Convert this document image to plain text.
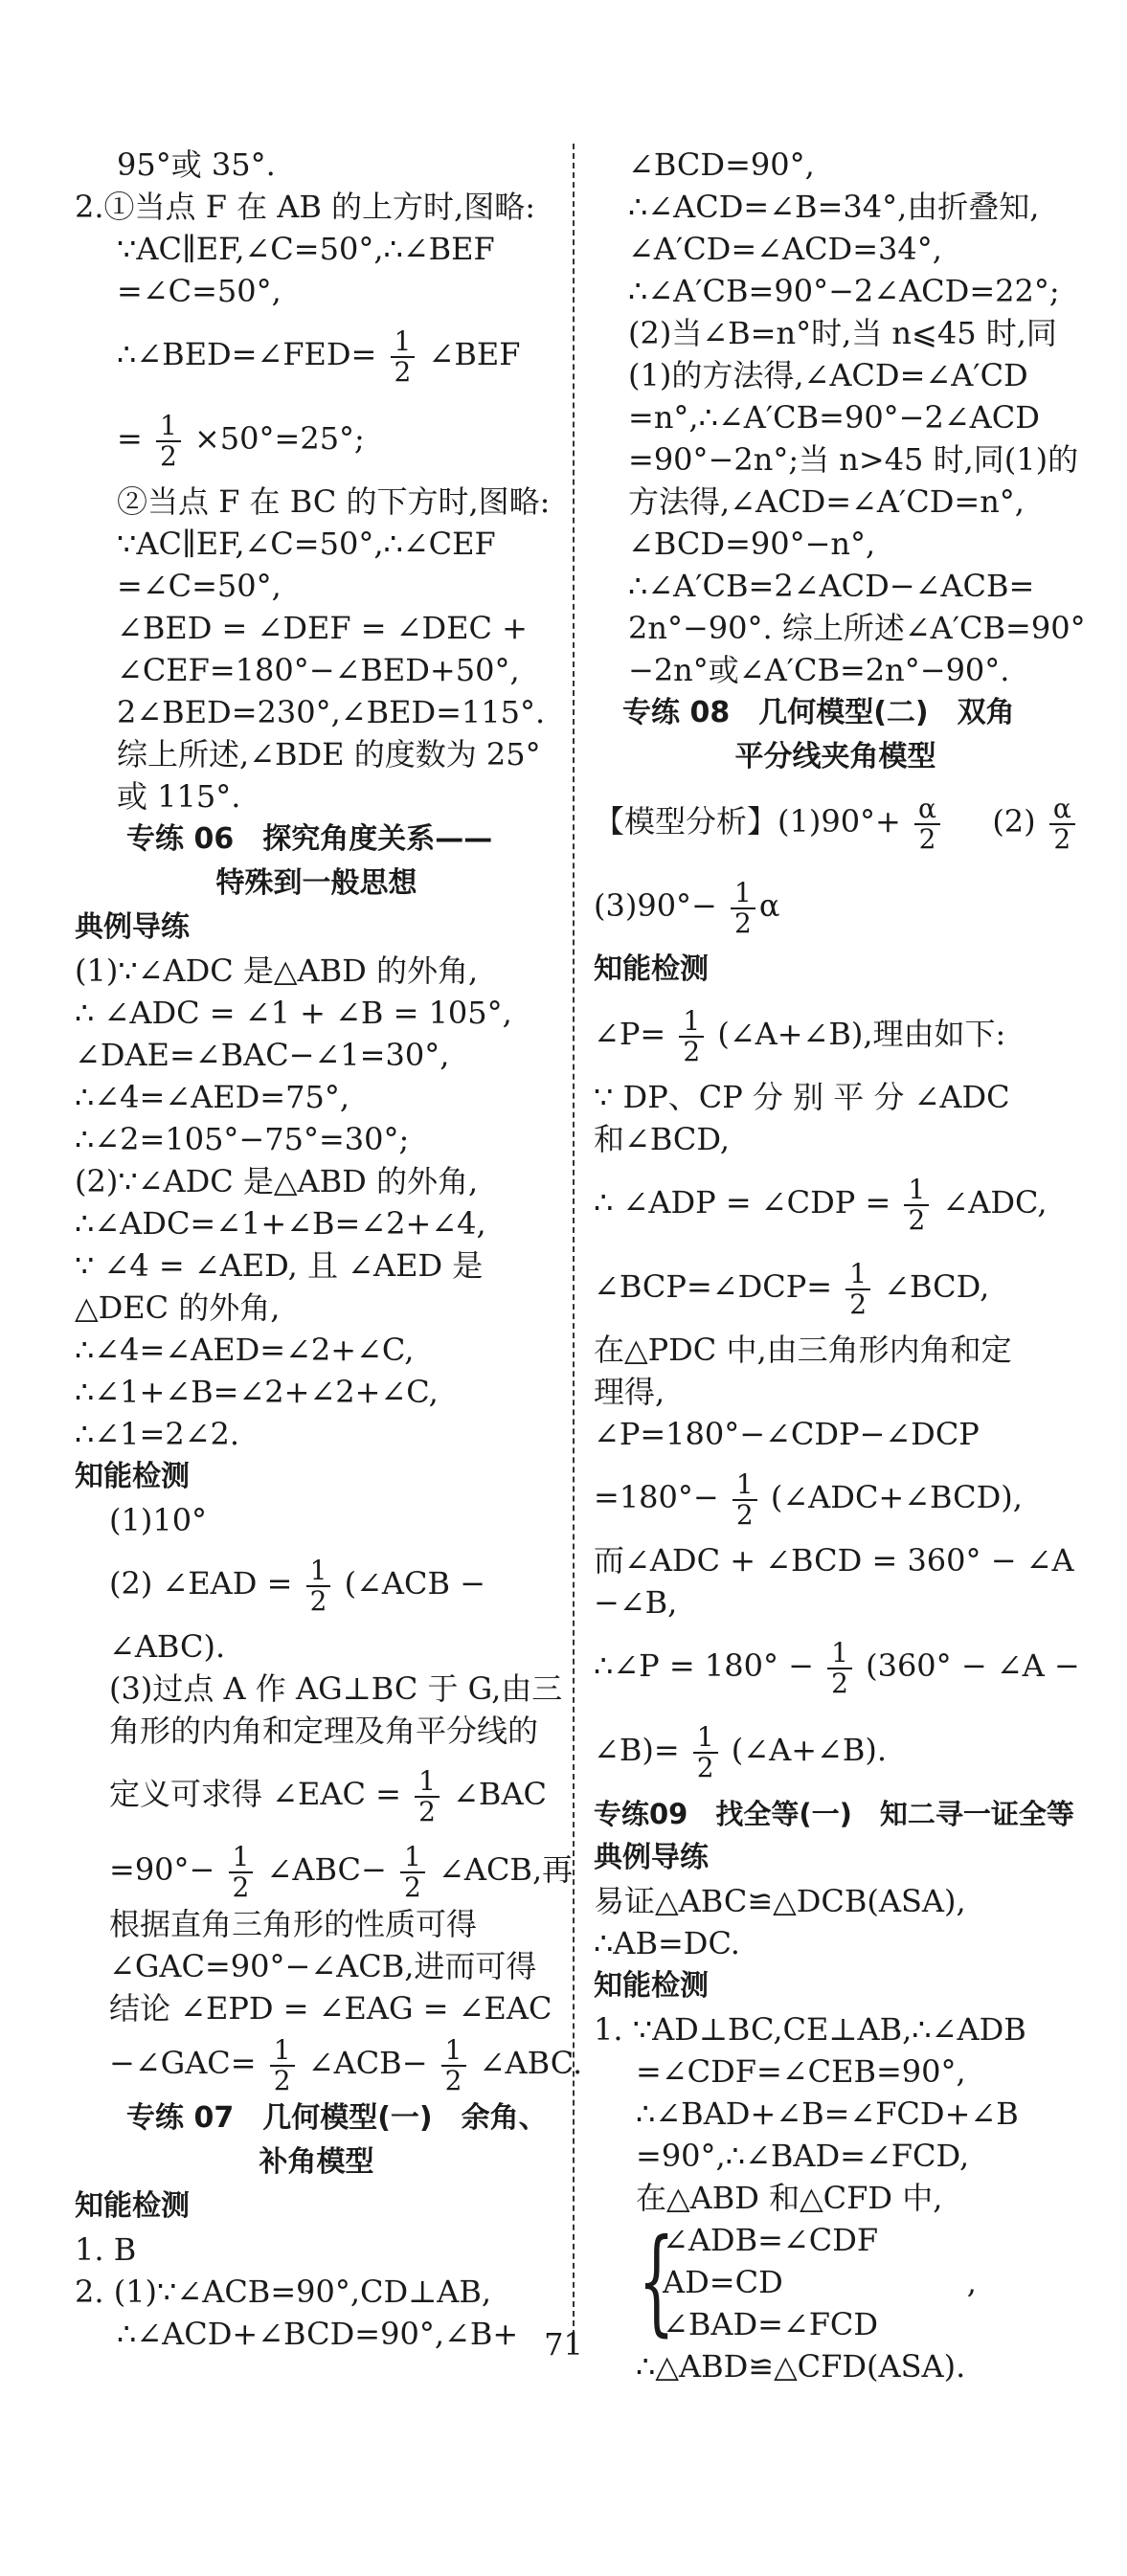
95°或 35°.
2.①当点 F 在 AB 的上方时,图略:
∵AC∥EF,∠C=50°,∴∠BEF
=∠C=50°,
∴∠BED=∠FED= $\frac{1}{2}$ ∠BEF
= $\frac{1}{2} \times 50^\circ=25^\circ$;
②当点 F 在 BC 的下方时,图略:
∵AC∥EF,∠C=50°,∴∠CEF
=∠C=50°,
∠BED = ∠DEF = ∠DEC +
∠CEF=180°−∠BED+50°,
2∠BED=230°,∠BED=115°.
综上所述,∠BDE 的度数为 25°
或 115°.
专练 06　探究角度关系——
特殊到一般思想
典例导练
(1)∵∠ADC 是△ABD 的外角,
∴ ∠ADC = ∠1 + ∠B = 105°,
∠DAE=∠BAC−∠1=30°,
∴∠4=∠AED=75°,
∴∠2=105°−75°=30°;
(2)∵∠ADC 是△ABD 的外角,
∴∠ADC=∠1+∠B=∠2+∠4,
∵ ∠4 = ∠AED, 且 ∠AED 是
△DEC 的外角,
∴∠4=∠AED=∠2+∠C,
∴∠1+∠B=∠2+∠2+∠C,
∴∠1=2∠2.
知能检测
(1)10°
(2) ∠EAD = $\frac{1}{2}$ (∠ACB −
∠ABC).
(3)过点 A 作 AG⊥BC 于 G,由三
角形的内角和定理及角平分线的
定义可求得 ∠EAC = $\frac{1}{2}$ ∠BAC
$=90^\circ- \frac{1}{2}$ ∠ABC− $\frac{1}{2}$ ∠ACB,再
根据直角三角形的性质可得
∠GAC=90°−∠ACB,进而可得
结论 ∠EPD = ∠EAG = ∠EAC
−∠GAC= $\frac{1}{2}$ ∠ACB− $\frac{1}{2}$ ∠ABC.
专练 07　几何模型(一)　余角、
补角模型
知能检测
1. B
2. (1)∵∠ACB=90°,CD⊥AB,
∴∠ACD+∠BCD=90°,∠B+
∠BCD=90°,
∴∠ACD=∠B=34°,由折叠知,
∠A′CD=∠ACD=34°,
∴∠A′CB=90°−2∠ACD=22°;
(2)当∠B=n°时,当 n⩽45 时,同
(1)的方法得,∠ACD=∠A′CD
=n°,∴∠A′CB=90°−2∠ACD
=90°−2n°;当 n>45 时,同(1)的
方法得,∠ACD=∠A′CD=n°,
∠BCD=90°−n°,
∴∠A′CB=2∠ACD−∠ACB=
2n°−90°. 综上所述∠A′CB=90°
−2n°或∠A′CB=2n°−90°.
专练 08　几何模型(二)　双角
平分线夹角模型
【模型分析】$(1)90^\circ+ \frac{\alpha}{2} (2) \frac{\alpha}{2}$
$(3)90^\circ- \frac{1}{2}$ α
知能检测
∠P= $\frac{1}{2}$ (∠A+∠B),理由如下:
∵ DP、CP 分 别 平 分 ∠ADC
和∠BCD,
∴ ∠ADP = ∠CDP = $\frac{1}{2}$ ∠ADC,
∠BCP=∠DCP= $\frac{1}{2}$ ∠BCD,
在△PDC 中,由三角形内角和定
理得,
∠P=180°−∠CDP−∠DCP
$=180^\circ- \frac{1}{2}$ (∠ADC+∠BCD),
而∠ADC + ∠BCD = 360° − ∠A
−∠B,
∴∠P = $180^\circ - \frac{1}{2} (360^\circ$ − ∠A −
∠B)= $\frac{1}{2}$ (∠A+∠B).
专练09　找全等(一)　知二寻一证全等
典例导练
易证△ABC≌△DCB(ASA),
∴AB=DC.
知能检测
1. ∵AD⊥BC,CE⊥AB,∴∠ADB
=∠CDF=∠CEB=90°,
∴∠BAD+∠B=∠FCD+∠B
=90°,∴∠BAD=∠FCD,
在△ABD 和△CFD 中,
{
∠ADB=∠CDF
AD=CD　　　　　　,
∠BAD=∠FCD
∴△ABD≌△CFD(ASA).
71
